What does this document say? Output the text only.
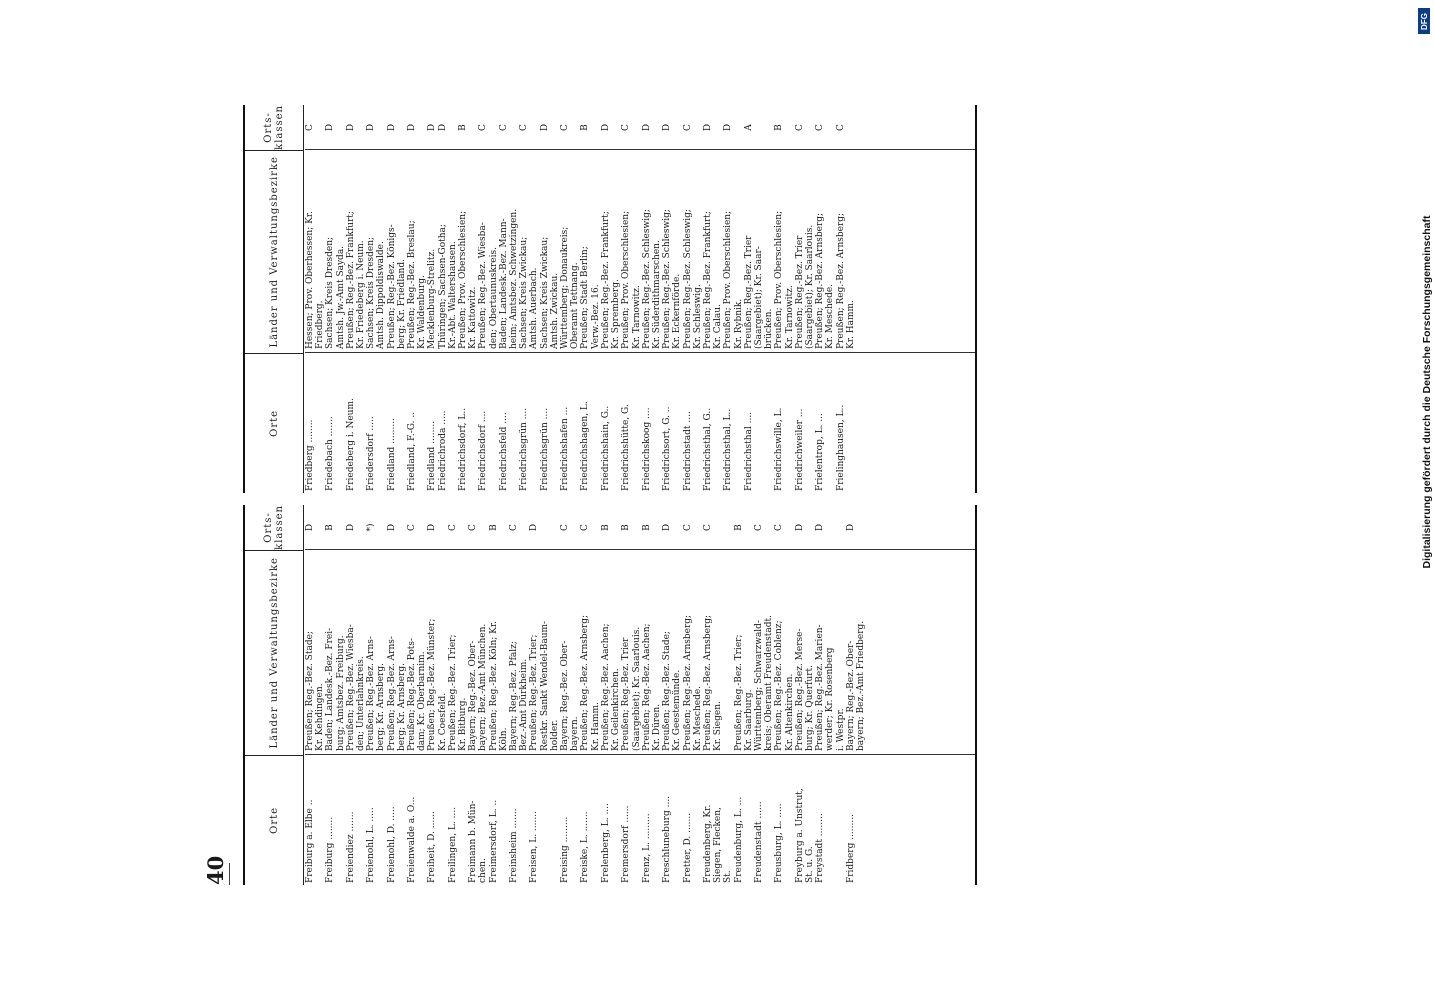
DFG
Digitalisierung gefördert durch die Deutsche Forschungsgemeinschaft
40
Orte
Länder und Verwaltungsbezirke
Orts-klassen
Freiburg a. Elbe ..
Preußen; Reg.-Bez. Stade;
D
Kr. Kehdingen.
Freiburg ........
Baden; Landesk.-Bez. Frei-
B
burg; Amtsbez. Freiburg.
Freiendiez .......
Preußen; Reg.-Bez. Wiesba-
D
den; Unterlahnkreis.
Freienohl, L. .....
Preußen; Reg.-Bez. Arns-
*)
berg; Kr. Arnsberg.
Freienohl, D. .....
Preußen; Reg.-Bez. Arns-
D
berg; Kr. Arnsberg.
Freienwalde a. O...
Preußen; Reg.-Bez. Pots-
C
dam; Kr. Oberbarnim.
Freiheit, D. ......
Preußen; Reg.-Bez. Münster;
D
Kr. Coesfeld.
Freilingen, L. ....
Preußen; Reg.-Bez. Trier;
C
Kr. Bitburg.
Freimann b. Mün-
Bayern; Reg.-Bez. Ober-
C
chen.
bayern; Bez.-Amt München.
Freimersdorf, L. ..
Preußen; Reg.-Bez. Köln; Kr.
B
Köln.
Freinsheim .......
Bayern; Reg.-Bez. Pfalz;
C
Bez.-Amt Dürkheim.
Freisen, L. .......
Preußen; Reg.-Bez. Trier;
D
Restkr. Sankt Wendel-Baum- holder.
Freising .........
Bayern; Reg.-Bez. Ober-
C
bayern.
Freiske, L. .......
Preußen; Reg.-Bez. Arnsberg;
C
Kr. Hamm.
Frelenberg, L. ....
Preußen; Reg.-Bez. Aachen;
B
Kr. Geilenkirchen.
Fremersdorf ......
Preußen; Reg.-Bez. Trier
B
(Saargebiet); Kr. Saarlouis.
Frenz, L. .........
Preußen; Reg.-Bez. Aachen;
B
Kr. Düren.
Freschluneburg ....
Preußen; Reg.-Bez. Stade;
D
Kr. Geestemünde.
Fretter, D. .......
Preußen; Reg.-Bez. Arnsberg;
C
Kr. Meschede.
Freudenberg, Kr.
Preußen; Reg.-Bez. Arnsberg;
C
Siegen, Flecken,
Kr. Siegen.
St. Freudenburg, L. ...
Preußen; Reg.-Bez. Trier;
B
Kr. Saarburg.
Freudenstadt ......
Württemberg; Schwarzwald-
C
kreis; Oberamt Freudenstadt.
Freusburg, L. .....
Preußen; Reg.-Bez. Coblenz;
C
Kr. Altenkirchen.
Freyburg a. Unstrut,
Preußen; Reg.-Bez. Merse-
D
St. u. G.
burg; Kr. Querfurt.
Freystadt ........
Preußen; Reg.-Bez. Marien-
D
werder; Kr. Rosenberg i. Westpr.
Fridberg .........
Bayern; Reg.-Bez. Ober-
D
bayern; Bez.-Amt Friedberg.
Orte
Länder und Verwaltungsbezirke
Orts-klassen
Friedberg ........
Hessen; Prov. Oberhessen; Kr.
C
Friedberg.
Friedebach .......
Sachsen; Kreis Dresden;
D
Amtsh. Jw.-Amt Sayda.
Friedeberg i. Neum.
Preußen; Reg.-Bez. Frankfurt;
D
Kr. Friedeberg i. Neum.
Friedersdorf .....
Sachsen; Kreis Dresden;
D
Amtsh. Dippoldiswalde.
Friedland .........
Preußen; Reg.-Bez. Königs-
D
berg; Kr. Friedland.
Friedland, F.-G. ..
Preußen; Reg.-Bez. Breslau;
D
Kr. Waldenburg.
Friedland ........
Mecklenburg-Strelitz.
D
Friedrichroda .....
Thüringen; Sachsen-Gotha;
D
Kr.-Abt. Waltershausen.
Friedrichsdorf, L..
Preußen; Prov. Oberschlesien;
B
Kr. Kattowitz.
Friedrichsdorf ....
Preußen; Reg.-Bez. Wiesba-
C
den; Obertaunuskreis.
Friedrichsfeld ....
Baden; Landesk.-Bez. Mann-
C
heim; Amtsbez. Schwetzingen.
Friedrichsgrün ....
Sachsen; Kreis Zwickau;
C
Amtsh. Auerbach.
Friedrichsgrün ....
Sachsen; Kreis Zwickau;
D
Amtsh. Zwickau.
Friedrichshafen ...
Württemberg; Donaukreis;
C
Oberamt Tettnang.
Friedrichshagen, L.
Preußen; Stadt Berlin;
B
Verw.-Bez. 16.
Friedrichshain, G..
Preußen; Reg.-Bez. Frankfurt;
D
Kr. Spremberg.
Friedrichshütte, G.
Preußen; Prov. Oberschlesien;
C
Kr. Tarnowitz.
Friedrichskoog ....
Preußen; Reg.-Bez. Schleswig;
D
Kr. Süderdithmarschen.
Friedrichsort, G. ..
Preußen; Reg.-Bez. Schleswig;
D
Kr. Eckernförde.
Friedrichstadt ....
Preußen; Reg.-Bez. Schleswig;
C
Kr. Schleswig.
Friedrichsthal, G..
Preußen; Reg.-Bez. Frankfurt;
D
Kr. Calau.
Friedrichsthal, L..
Preußen; Prov. Oberschlesien;
D
Kr. Rybnik.
Friedrichsthal ....
Preußen; Reg.-Bez. Trier
A
(Saargebiet); Kr. Saar- brücken.
Friedrichswille, L.
Preußen; Prov. Oberschlesien;
B
Kr. Tarnowitz.
Friedrichweiler ...
Preußen; Reg.-Bez. Trier
C
(Saargebiet); Kr. Saarlouis.
Frielentrop, L. ...
Preußen; Reg.-Bez. Arnsberg;
C
Kr. Meschede.
Frielinghausen, L..
Preußen; Reg.-Bez. Arnsberg;
C
Kr. Hamm.
